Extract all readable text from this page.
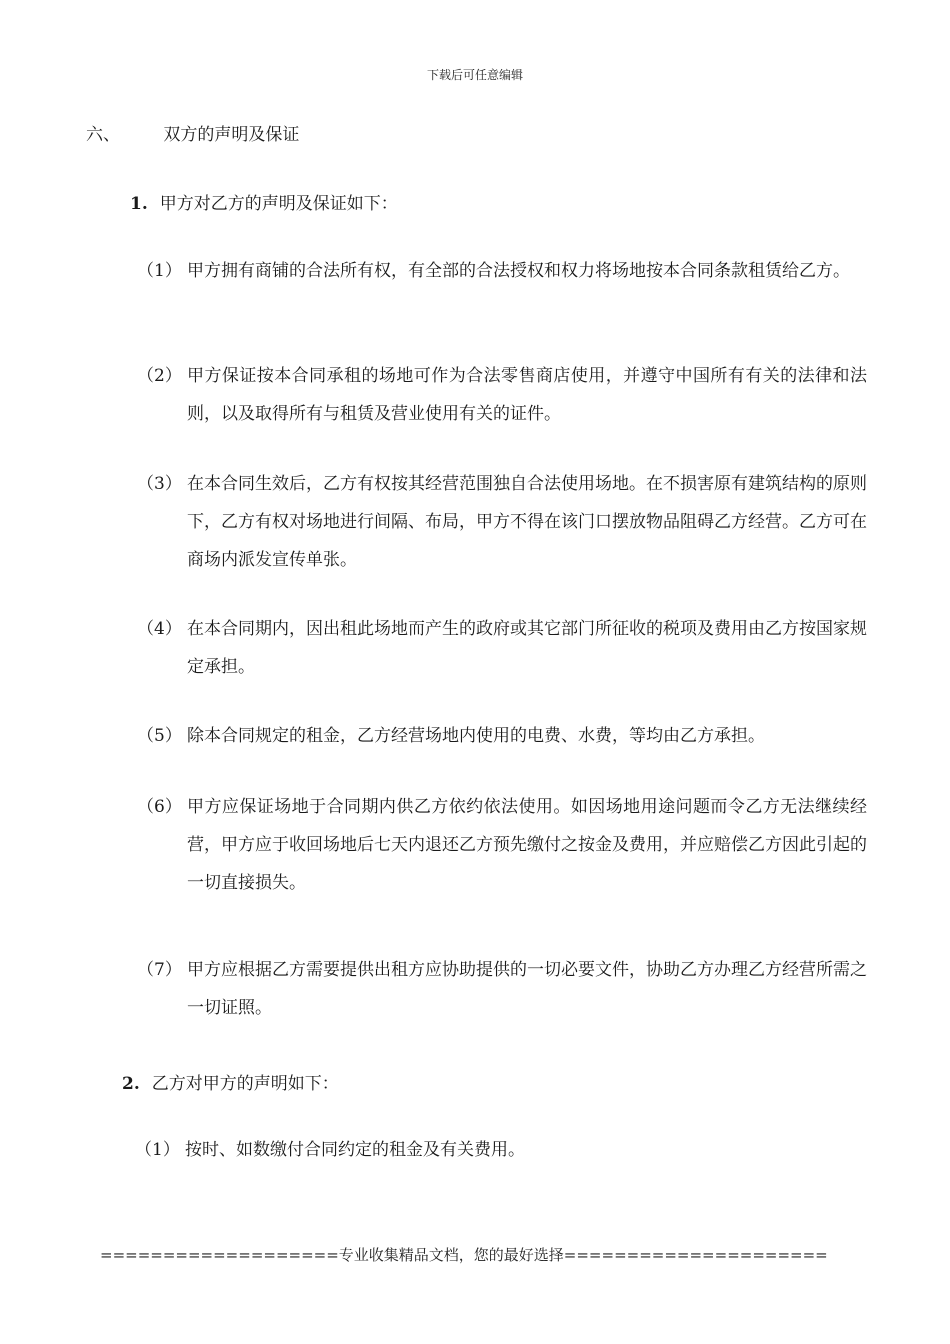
下载后可任意编辑
六、	双方的声明及保证
1. 甲方对乙方的声明及保证如下：
（1） 甲方拥有商铺的合法所有权，有全部的合法授权和权力将场地按本合同条款租赁给乙方。
（2） 甲方保证按本合同承租的场地可作为合法零售商店使用，并遵守中国所有有关的法律和法则，以及取得所有与租赁及营业使用有关的证件。
（3） 在本合同生效后，乙方有权按其经营范围独自合法使用场地。在不损害原有建筑结构的原则下，乙方有权对场地进行间隔、布局，甲方不得在该门口摆放物品阻碍乙方经营。乙方可在商场内派发宣传单张。
（4） 在本合同期内，因出租此场地而产生的政府或其它部门所征收的税项及费用由乙方按国家规定承担。
（5） 除本合同规定的租金，乙方经营场地内使用的电费、水费，等均由乙方承担。
（6） 甲方应保证场地于合同期内供乙方依约依法使用。如因场地用途问题而令乙方无法继续经营，甲方应于收回场地后七天内退还乙方预先缴付之按金及费用，并应赔偿乙方因此引起的一切直接损失。
（7） 甲方应根据乙方需要提供出租方应协助提供的一切必要文件，协助乙方办理乙方经营所需之一切证照。
2. 乙方对甲方的声明如下：
（1） 按时、如数缴付合同约定的租金及有关费用。
===================专业收集精品文档，您的最好选择=====================
